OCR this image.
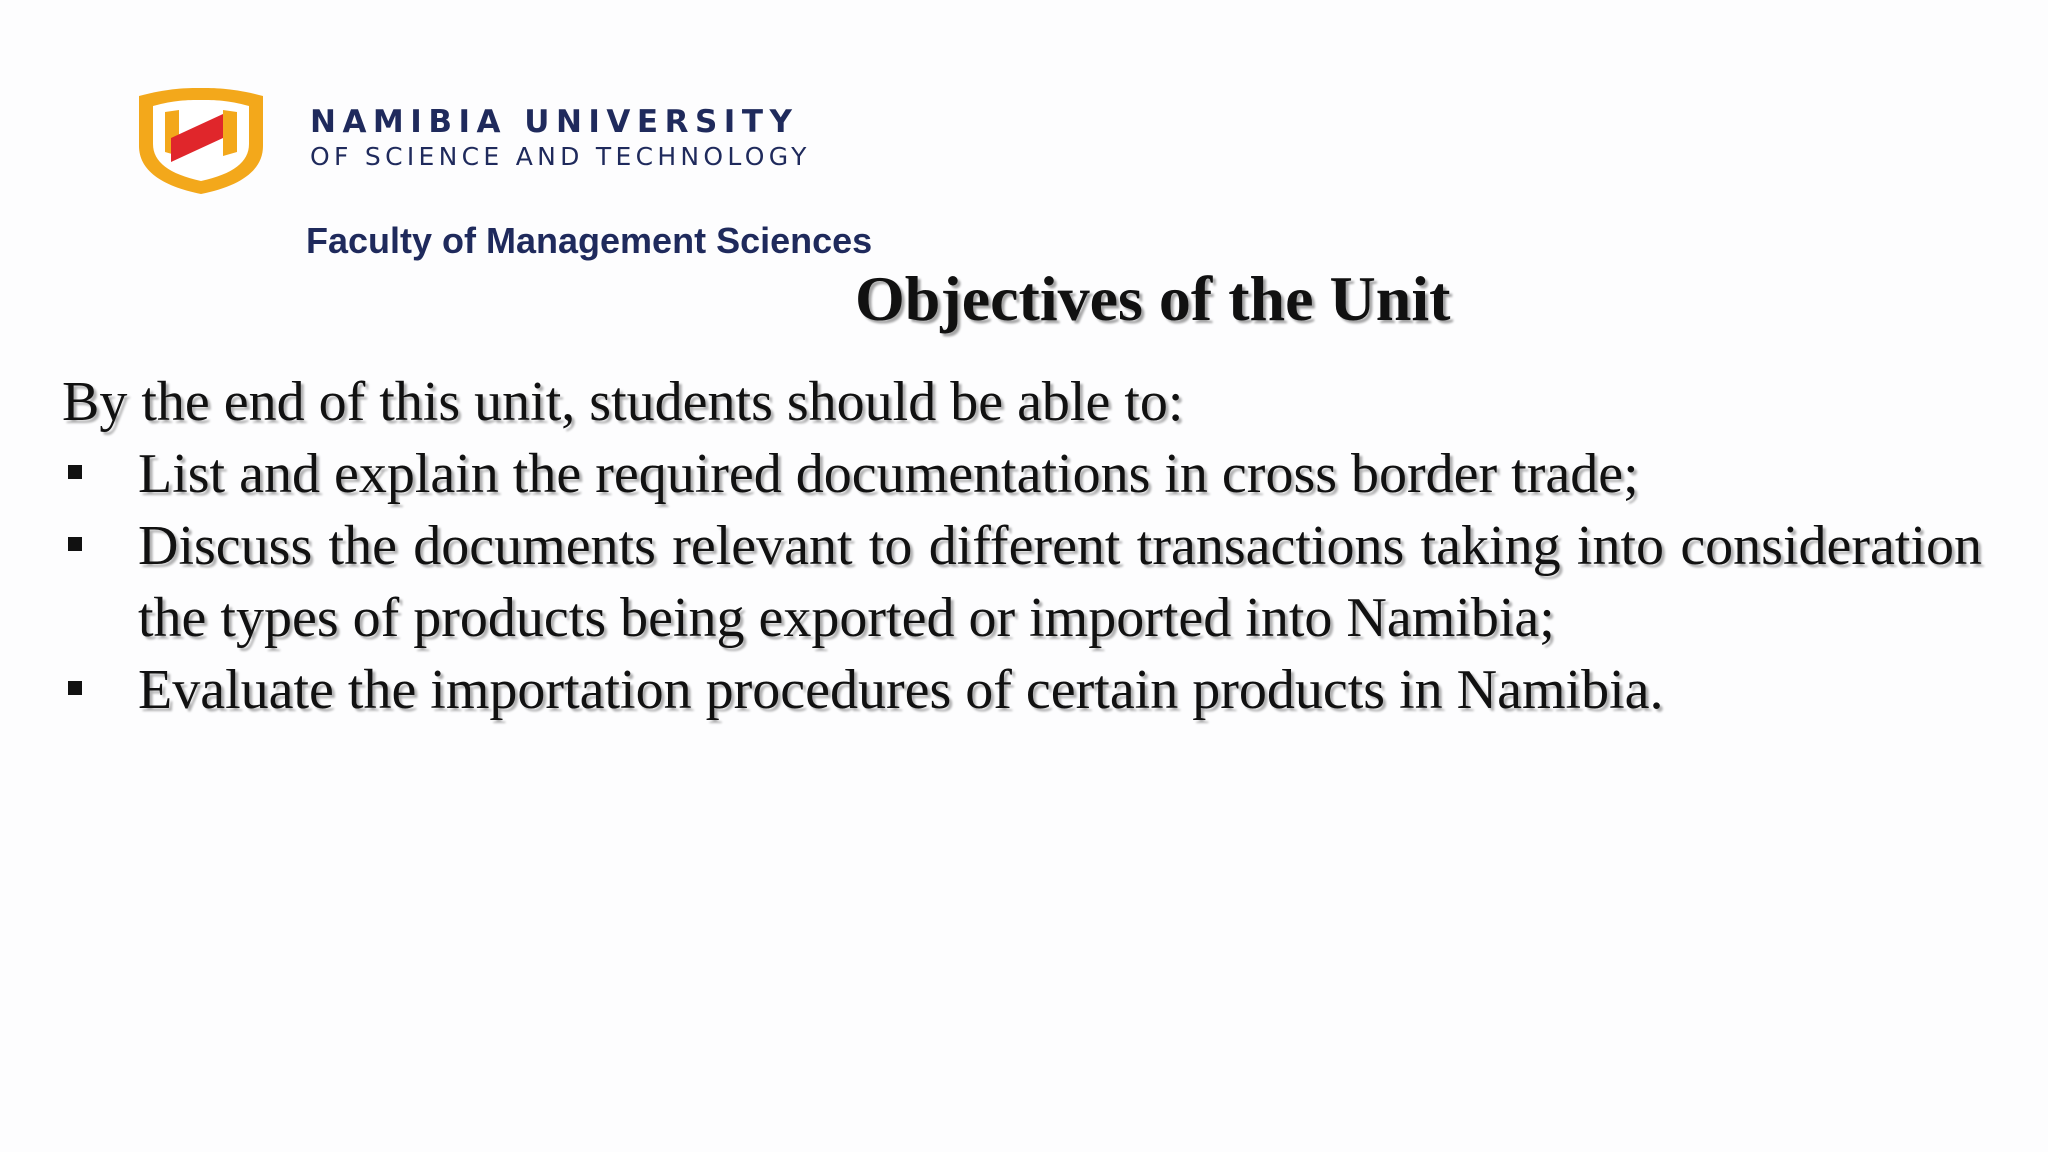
NAMIBIA UNIVERSITY
OF SCIENCE AND TECHNOLOGY
Faculty of Management Sciences
Objectives of the Unit
By the end of this unit, students should be able to:
List and explain the required documentations in cross border trade;
Discuss the documents relevant to different transactions taking into consideration the types of products being exported or imported into Namibia;
Evaluate the importation procedures of certain products in Namibia.
